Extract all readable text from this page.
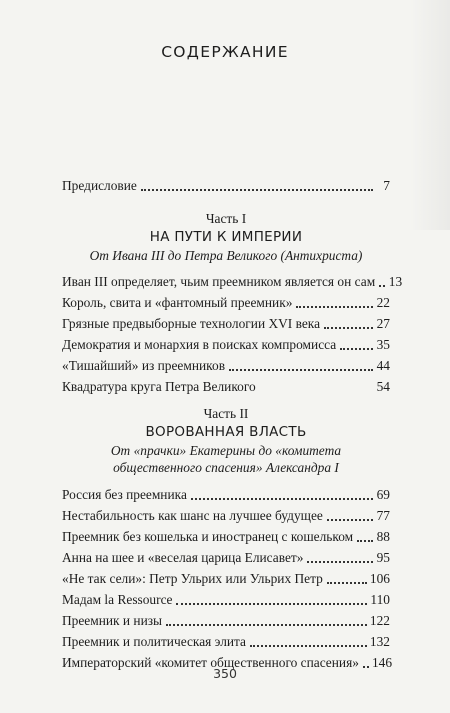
СОДЕРЖАНИЕ
Предисловие	7
Часть I
НА ПУТИ К ИМПЕРИИ
От Ивана III до Петра Великого (Антихриста)
Иван III определяет, чьим преемником является он сам 13
Король, свита и «фантомный преемник»	22
Грязные предвыборные технологии XVI века	27
Демократия и монархия в поисках компромисса	35
«Тишайший» из преемников	44
Квадратура круга Петра Великого	54
Часть II
ВОРОВАННАЯ ВЛАСТЬ
От «прачки» Екатерины до «комитета
общественного спасения» Александра I
Россия без преемника	69
Нестабильность как шанс на лучшее будущее	77
Преемник без кошелька и иностранец с кошельком 88
Анна на шее и «веселая царица Елисавет»	95
«Не так сели»: Петр Ульрих или Ульрих Петр	106
Мадам la Ressource	110
Преемник и низы	122
Преемник и политическая элита	132
Императорский «комитет общественного спасения» 146
350
